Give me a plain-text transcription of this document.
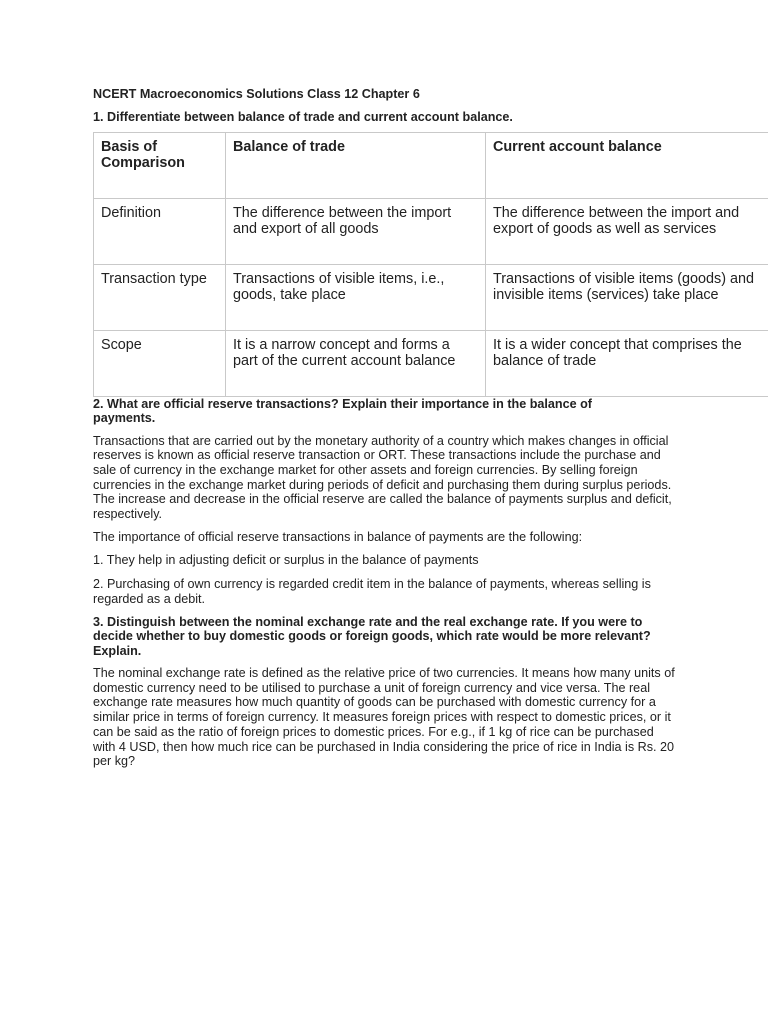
NCERT Macroeconomics Solutions Class 12 Chapter 6
1. Differentiate between balance of trade and current account balance.
Basis of Comparison	Balance of trade	Current account balance
Definition	The difference between the import and export of all goods	The difference between the import and export of goods as well as services
Transaction type	Transactions of visible items, i.e., goods, take place	Transactions of visible items (goods) and invisible items (services) take place
Scope	It is a narrow concept and forms a part of the current account balance	It is a wider concept that comprises the balance of trade
2. What are official reserve transactions? Explain their importance in the balance of payments.

Transactions that are carried out by the monetary authority of a country which makes changes in official reserves is known as official reserve transaction or ORT. These transactions include the purchase and sale of currency in the exchange market for other assets and foreign currencies. By selling foreign currencies in the exchange market during periods of deficit and purchasing them during surplus periods. The increase and decrease in the official reserve are called the balance of payments surplus and deficit, respectively.

The importance of official reserve transactions in balance of payments are the following:

1. They help in adjusting deficit or surplus in the balance of payments

2. Purchasing of own currency is regarded credit item in the balance of payments, whereas selling is regarded as a debit.

3. Distinguish between the nominal exchange rate and the real exchange rate. If you were to decide whether to buy domestic goods or foreign goods, which rate would be more relevant? Explain.

The nominal exchange rate is defined as the relative price of two currencies. It means how many units of domestic currency need to be utilised to purchase a unit of foreign currency and vice versa. The real exchange rate measures how much quantity of goods can be purchased with domestic currency for a similar price in terms of foreign currency. It measures foreign prices with respect to domestic prices, or it can be said as the ratio of foreign prices to domestic prices. For e.g., if 1 kg of rice can be purchased with 4 USD, then how much rice can be purchased in India considering the price of rice in India is Rs. 20 per kg?
